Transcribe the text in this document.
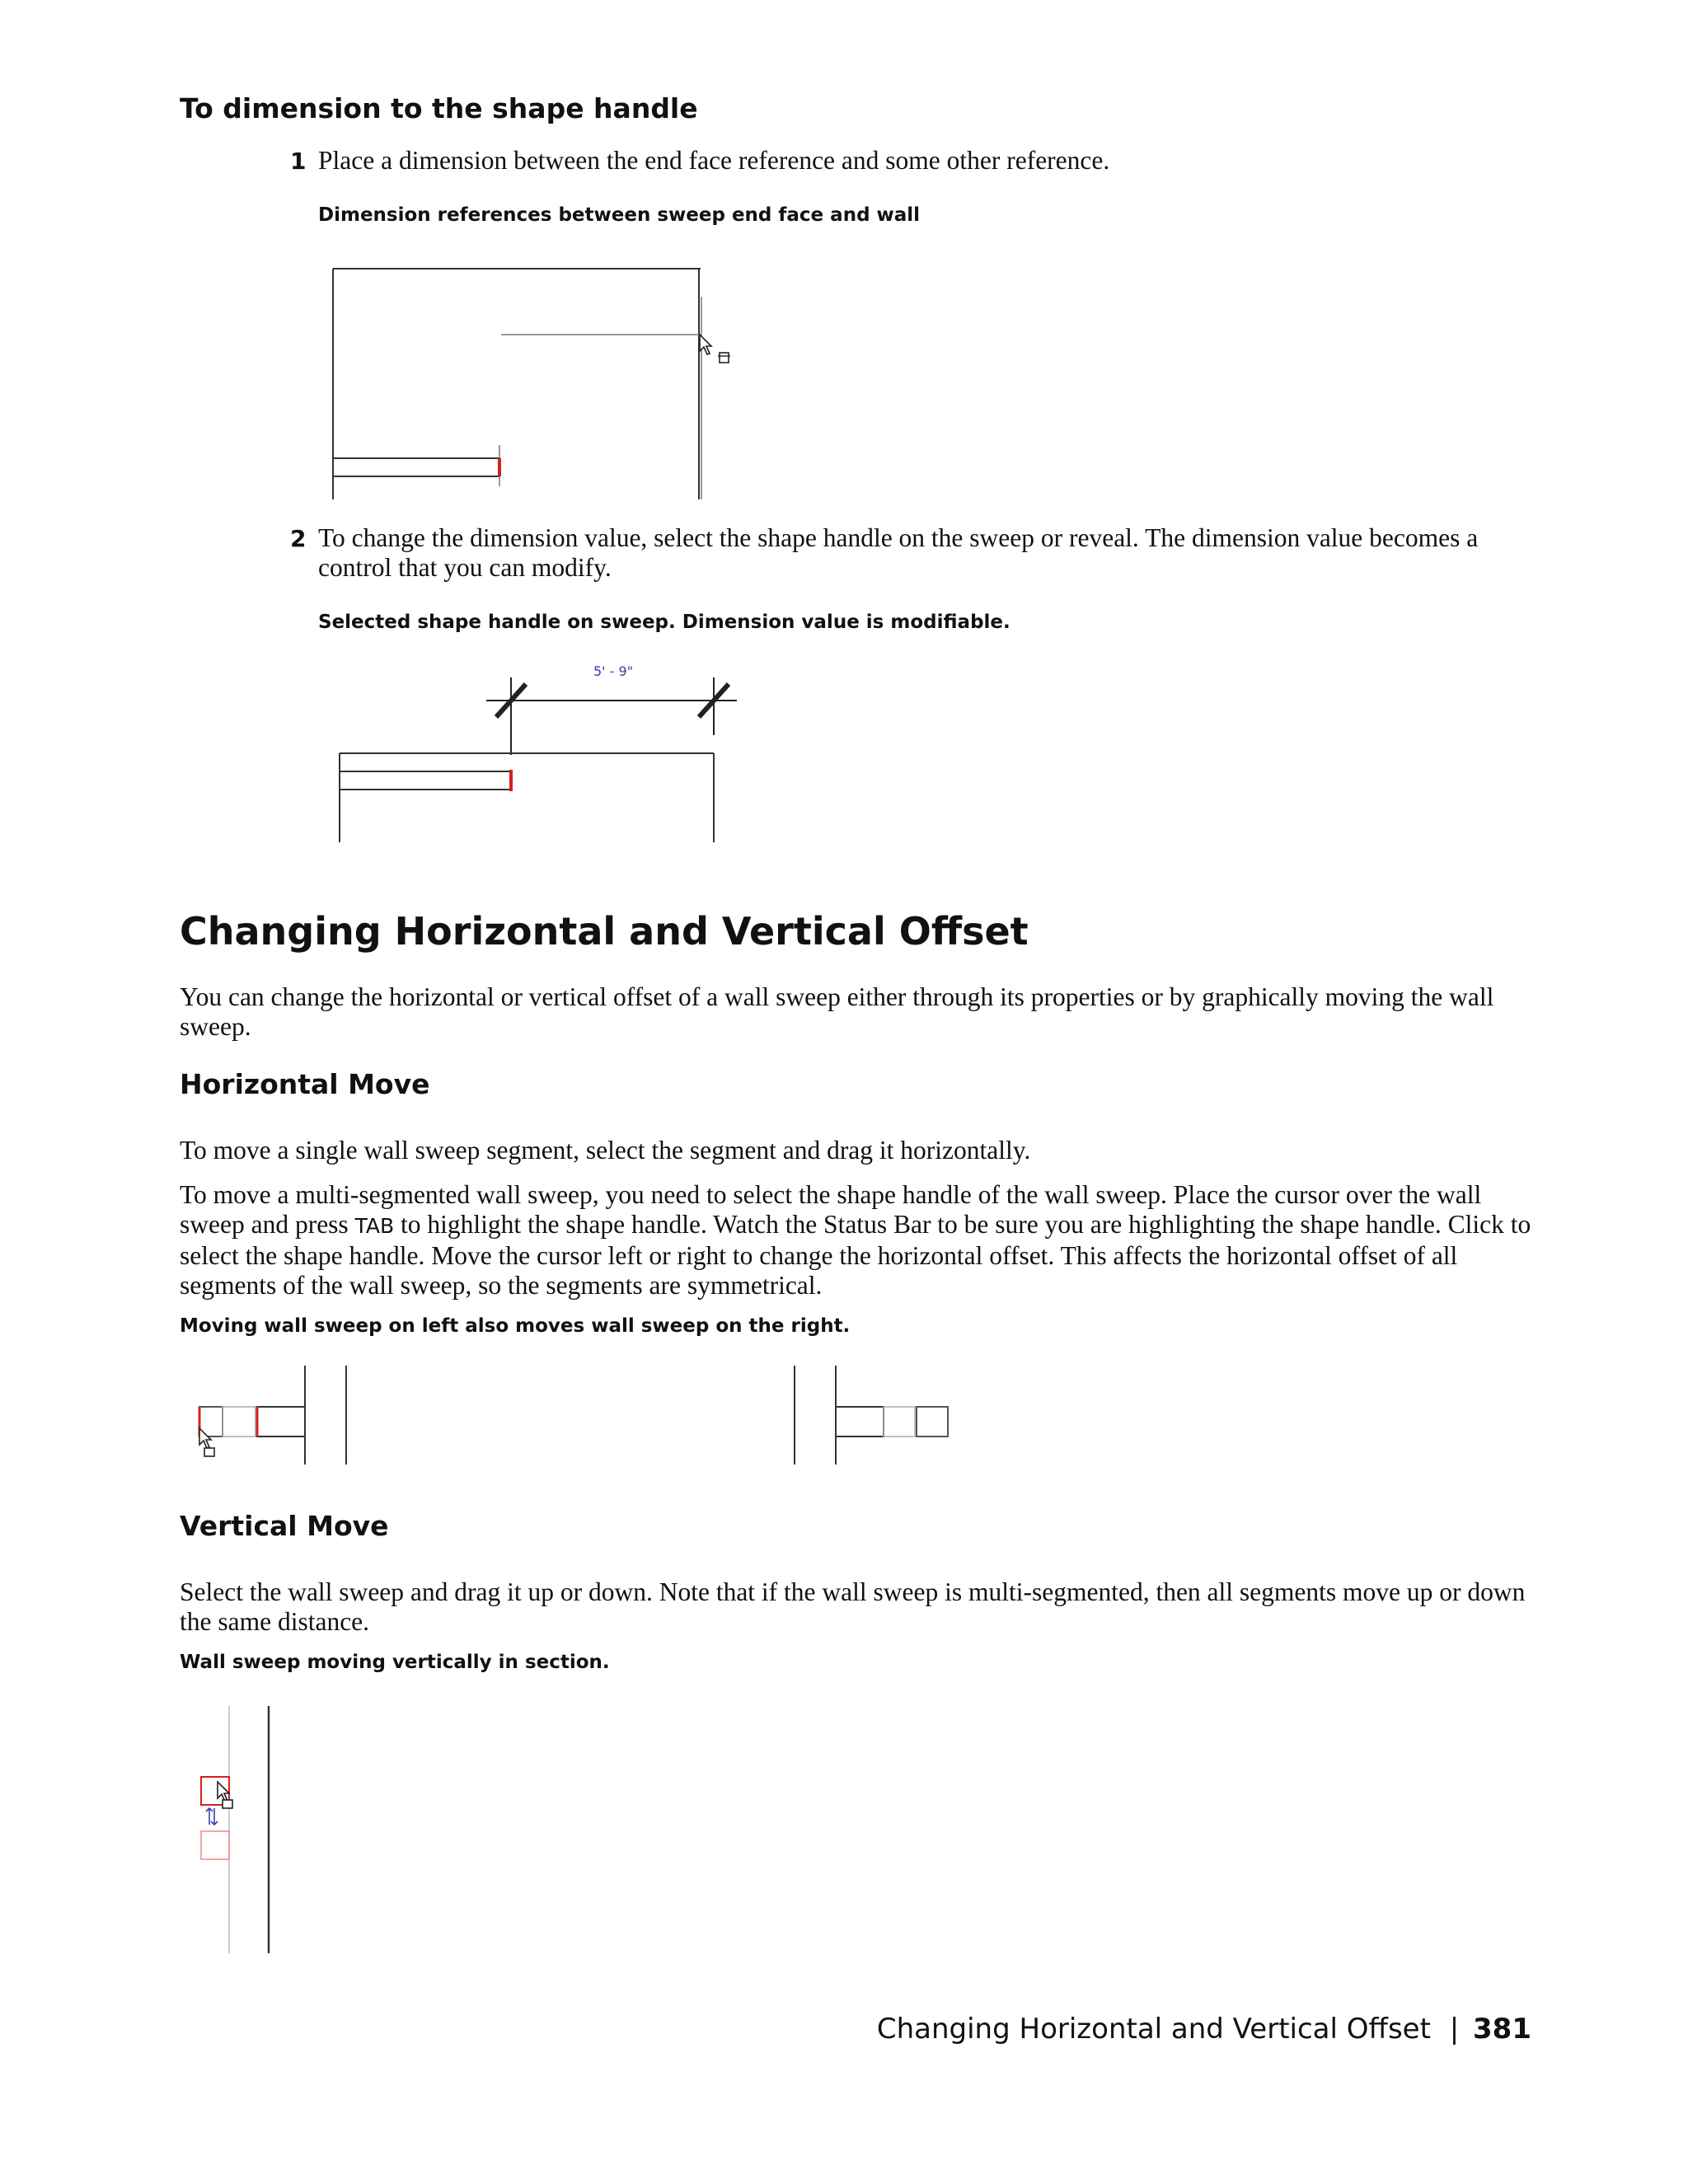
To dimension to the shape handle
1 Place a dimension between the end face reference and some other reference.

Dimension references between sweep end face and wall

2 To change the dimension value, select the shape handle on the sweep or reveal. The dimension value becomes a control that you can modify.

Selected shape handle on sweep. Dimension value is modifiable.

5' - 9"
Changing Horizontal and Vertical Offset

You can change the horizontal or vertical offset of a wall sweep either through its properties or by graphically moving the wall sweep.

Horizontal Move

To move a single wall sweep segment, select the segment and drag it horizontally.

To move a multi-segmented wall sweep, you need to select the shape handle of the wall sweep. Place the cursor over the wall sweep and press TAB to highlight the shape handle. Watch the Status Bar to be sure you are highlighting the shape handle. Click to select the shape handle. Move the cursor left or right to change the horizontal offset. This affects the horizontal offset of all segments of the wall sweep, so the segments are symmetrical.

Moving wall sweep on left also moves wall sweep on the right.

Vertical Move

Select the wall sweep and drag it up or down. Note that if the wall sweep is multi-segmented, then all segments move up or down the same distance.

Wall sweep moving vertically in section.

Changing Horizontal and Vertical Offset | 381
